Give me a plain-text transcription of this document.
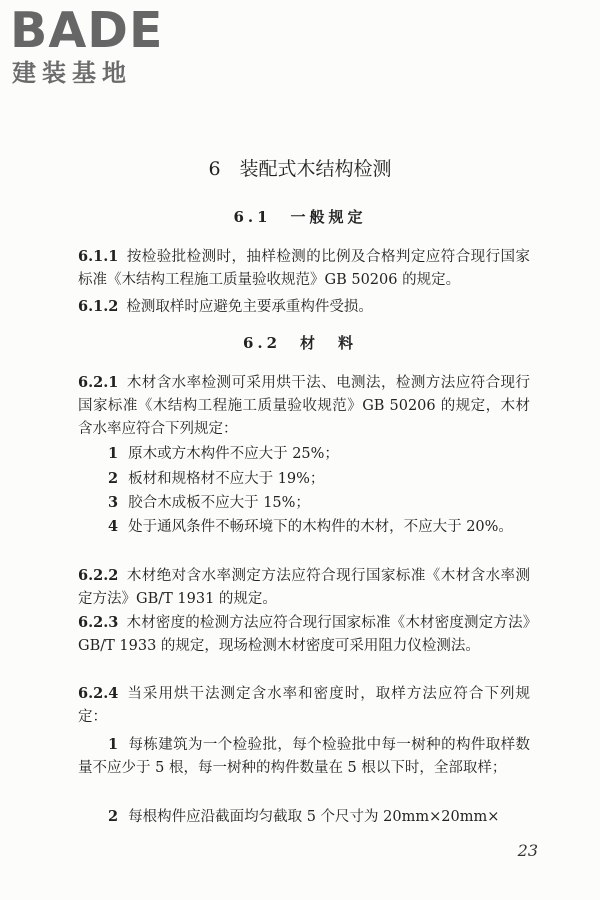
BADE
建装基地
6　装配式木结构检测
6.1　一般规定
6.1.1 按检验批检测时，抽样检测的比例及合格判定应符合现行国家标准《木结构工程施工质量验收规范》GB 50206 的规定。
6.1.2 检测取样时应避免主要承重构件受损。
6.2　材　料
6.2.1 木材含水率检测可采用烘干法、电测法，检测方法应符合现行国家标准《木结构工程施工质量验收规范》GB 50206 的规定，木材含水率应符合下列规定：
1 原木或方木构件不应大于 25%；
2 板材和规格材不应大于 19%；
3 胶合木成板不应大于 15%；
4 处于通风条件不畅环境下的木构件的木材，不应大于 20%。
6.2.2 木材绝对含水率测定方法应符合现行国家标准《木材含水率测定方法》GB/T 1931 的规定。
6.2.3 木材密度的检测方法应符合现行国家标准《木材密度测定方法》GB/T 1933 的规定，现场检测木材密度可采用阻力仪检测法。
6.2.4 当采用烘干法测定含水率和密度时，取样方法应符合下列规定：
1 每栋建筑为一个检验批，每个检验批中每一树种的构件取样数量不应少于 5 根，每一树种的构件数量在 5 根以下时，全部取样；
2 每根构件应沿截面均匀截取 5 个尺寸为 20mm×20mm×
23
